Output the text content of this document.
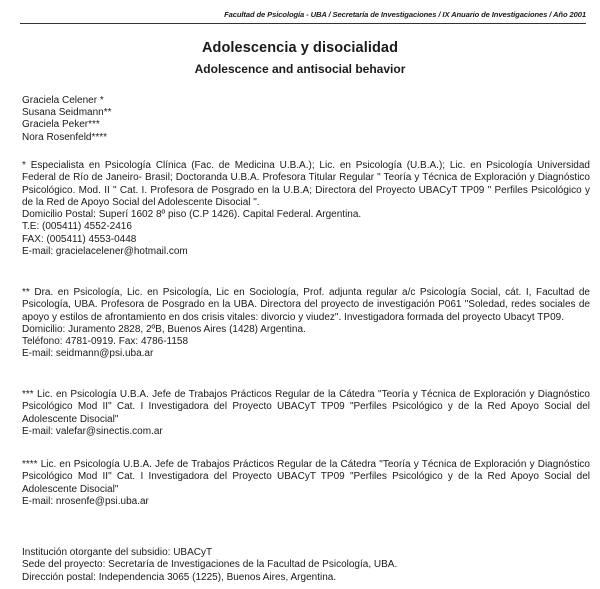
Facultad de Psicología - UBA / Secretaría de Investigaciones / IX Anuario de Investigaciones / Año 2001
Adolescencia y disocialidad
Adolescence and antisocial behavior
Graciela Celener *
Susana Seidmann**
Graciela Peker***
Nora Rosenfeld****

* Especialista en Psicología Clínica (Fac. de Medicina U.B.A.); Lic. en Psicología (U.B.A.); Lic. en Psicología Universidad Federal de Río de Janeiro- Brasil; Doctoranda U.B.A. Profesora Titular Regular " Teoría y Técnica de Exploración y Diagnóstico Psicológico. Mod. II " Cat. I. Profesora de Posgrado en la U.B.A; Directora del Proyecto UBACyT TP09 " Perfiles Psicológico y de la Red de Apoyo Social del Adolescente Disocial ".

Domicilio Postal: Superí 1602 8º piso (C.P 1426). Capital Federal. Argentina.
T.E: (005411) 4552-2416
FAX: (005411) 4553-0448
E-mail: gracielacelener@hotmail.com

** Dra. en Psicología, Lic. en Psicología, Lic en Sociología, Prof. adjunta regular a/c Psicología Social, cát. I, Facultad de Psicología, UBA. Profesora de Posgrado en la UBA. Directora del proyecto de investigación P061 "Soledad, redes sociales de apoyo y estilos de afrontamiento en dos crisis vitales: divorcio y viudez". Investigadora formada del proyecto Ubacyt TP09.

Domicilio: Juramento 2828, 2ºB, Buenos Aires (1428) Argentina.
Teléfono: 4781-0919. Fax: 4786-1158
E-mail: seidmann@psi.uba.ar

*** Lic. en Psicología U.B.A. Jefe de Trabajos Prácticos Regular de la Cátedra "Teoría y Técnica de Exploración y Diagnóstico Psicológico Mod II" Cat. I Investigadora del Proyecto UBACyT TP09 "Perfiles Psicológico y de la Red Apoyo Social del Adolescente Disocial"

E-mail: valefar@sinectis.com.ar

**** Lic. en Psicología U.B.A. Jefe de Trabajos Prácticos Regular de la Cátedra "Teoría y Técnica de Exploración y Diagnóstico Psicológico Mod II" Cat. I Investigadora del Proyecto UBACyT TP09 "Perfiles Psicológico y de la Red Apoyo Social del Adolescente Disocial"

E-mail: nrosenfe@psi.uba.ar
Institución otorgante del subsidio: UBACyT
Sede del proyecto: Secretaría de Investigaciones de la Facultad de Psicología, UBA.
Dirección postal: Independencia 3065 (1225), Buenos Aires, Argentina.
